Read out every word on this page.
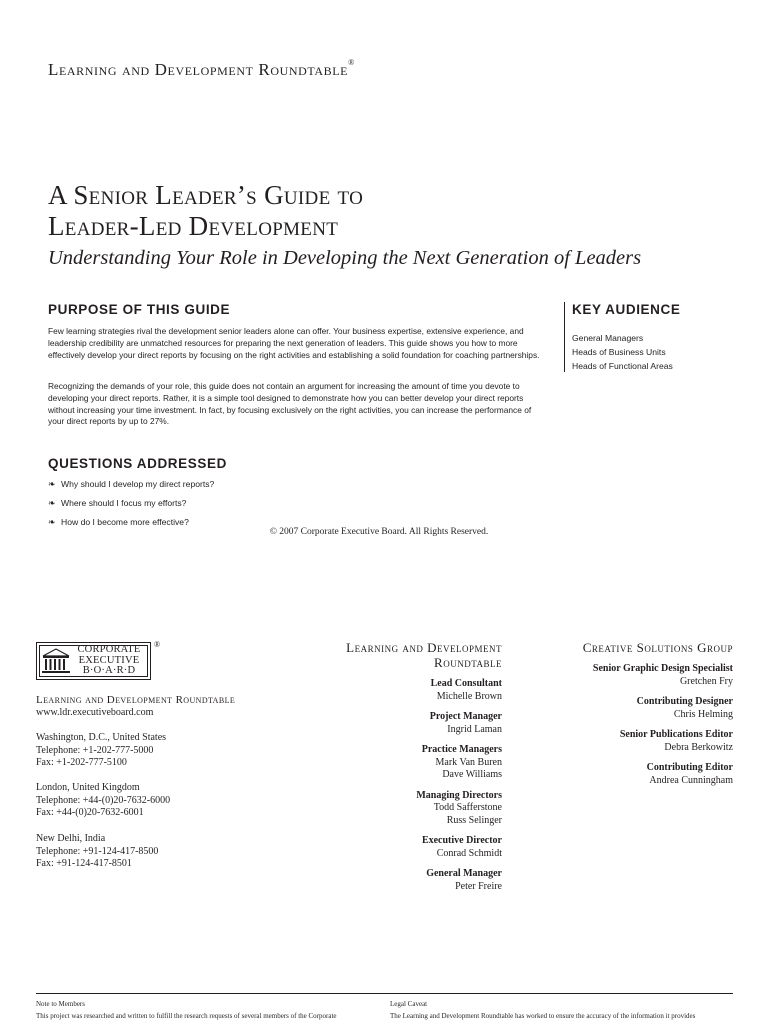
Learning and Development Roundtable®
A Senior Leader’s Guide to
Leader-Led Development
Understanding Your Role in Developing the Next Generation of Leaders
PURPOSE OF THIS GUIDE
Few learning strategies rival the development senior leaders alone can offer. Your business expertise, extensive experience, and leadership credibility are unmatched resources for preparing the next generation of leaders. This guide shows you how to more effectively develop your direct reports by focusing on the right activities and establishing a solid foundation for coaching partnerships.
Recognizing the demands of your role, this guide does not contain an argument for increasing the amount of time you devote to developing your direct reports. Rather, it is a simple tool designed to demonstrate how you can better develop your direct reports without increasing your time investment. In fact, by focusing exclusively on the right activities, you can increase the performance of your direct reports by up to 27%.
KEY AUDIENCE
General Managers
Heads of Business Units
Heads of Functional Areas
QUESTIONS ADDRESSED
❧ Why should I develop my direct reports?
❧ Where should I focus my efforts?
❧ How do I become more effective?
© 2007 Corporate Executive Board. All Rights Reserved.
CORPORATE
EXECUTIVE
B·O·A·R·D
®
Learning and Development Roundtable
www.ldr.executiveboard.com
Washington, D.C., United States
Telephone: +1-202-777-5000
Fax: +1-202-777-5100
London, United Kingdom
Telephone: +44-(0)20-7632-6000
Fax: +44-(0)20-7632-6001
New Delhi, India
Telephone: +91-124-417-8500
Fax: +91-124-417-8501
Learning and Development
Roundtable
Lead Consultant
Michelle Brown
Project Manager
Ingrid Laman
Practice Managers
Mark Van Buren
Dave Williams
Managing Directors
Todd Safferstone
Russ Selinger
Executive Director
Conrad Schmidt
General Manager
Peter Freire
Creative Solutions Group
Senior Graphic Design Specialist
Gretchen Fry
Contributing Designer
Chris Helming
Senior Publications Editor
Debra Berkowitz
Contributing Editor
Andrea Cunningham
Note to Members
This project was researched and written to fulfill the research requests of several members of the Corporate
Legal Caveat
The Learning and Development Roundtable has worked to ensure the accuracy of the information it provides
